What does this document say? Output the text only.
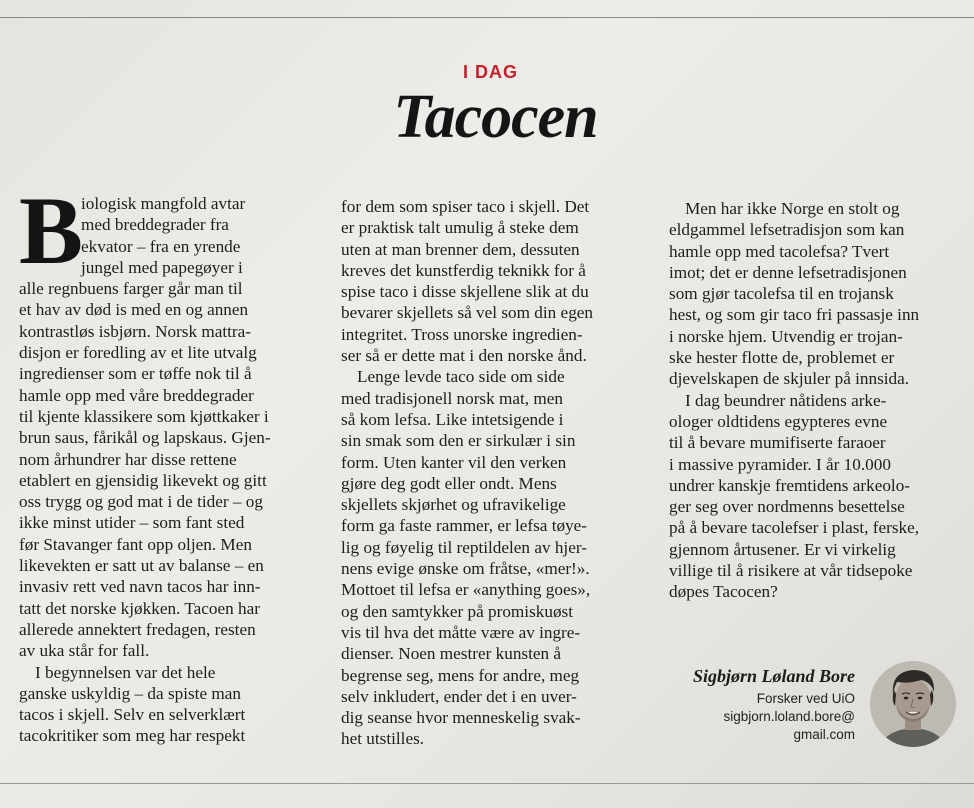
I DAG
Tacocen
B

iologisk mangfold avtar
med breddegrader fra
ekvator – fra en yrende
jungel med papegøyer i
alle regnbuens farger går man til
et hav av død is med en og annen
kontrastløs isbjørn. Norsk mattra-
disjon er foredling av et lite utvalg
ingredienser som er tøffe nok til å
hamle opp med våre breddegrader
til kjente klassikere som kjøttkaker i
brun saus, fårikål og lapskaus. Gjen-
nom århundrer har disse rettene
etablert en gjensidig likevekt og gitt
oss trygg og god mat i de tider – og
ikke minst utider – som fant sted
før Stavanger fant opp oljen. Men
likevekten er satt ut av balanse – en
invasiv rett ved navn tacos har inn-
tatt det norske kjøkken. Tacoen har
allerede annektert fredagen, resten
av uka står for fall.

I begynnelsen var det hele
ganske uskyldig – da spiste man
tacos i skjell. Selv en selverklært
tacokritiker som meg har respekt

for dem som spiser taco i skjell. Det
er praktisk talt umulig å steke dem
uten at man brenner dem, dessuten
kreves det kunstferdig teknikk for å
spise taco i disse skjellene slik at du
bevarer skjellets så vel som din egen
integritet. Tross unorske ingredien-
ser så er dette mat i den norske ånd.

Lenge levde taco side om side
med tradisjonell norsk mat, men
så kom lefsa. Like intetsigende i
sin smak som den er sirkulær i sin
form. Uten kanter vil den verken
gjøre deg godt eller ondt. Mens
skjellets skjørhet og ufravikelige
form ga faste rammer, er lefsa tøye-
lig og føyelig til reptildelen av hjer-
nens evige ønske om fråtse, «mer!».
Mottoet til lefsa er «anything goes»,
og den samtykker på promiskuøst
vis til hva det måtte være av ingre-
dienser. Noen mestrer kunsten å
begrense seg, mens for andre, meg
selv inkludert, ender det i en uver-
dig seanse hvor menneskelig svak-
het utstilles.

Men har ikke Norge en stolt og
eldgammel lefsetradisjon som kan
hamle opp med tacolefsa? Tvert
imot; det er denne lefsetradisjonen
som gjør tacolefsa til en trojansk
hest, og som gir taco fri passasje inn
i norske hjem. Utvendig er trojan-
ske hester flotte de, problemet er
djevelskapen de skjuler på innsida.

I dag beundrer nåtidens arke-
ologer oldtidens egypteres evne
til å bevare mumifiserte faraoer
i massive pyramider. I år 10.000
undrer kanskje fremtidens arkeolo-
ger seg over nordmenns besettelse
på å bevare tacolefser i plast, ferske,
gjennom årtusener. Er vi virkelig
villige til å risikere at vår tidsepoke
døpes Tacocen?

Sigbjørn Løland Bore
Forsker ved UiO
sigbjorn.loland.bore@
gmail.com
